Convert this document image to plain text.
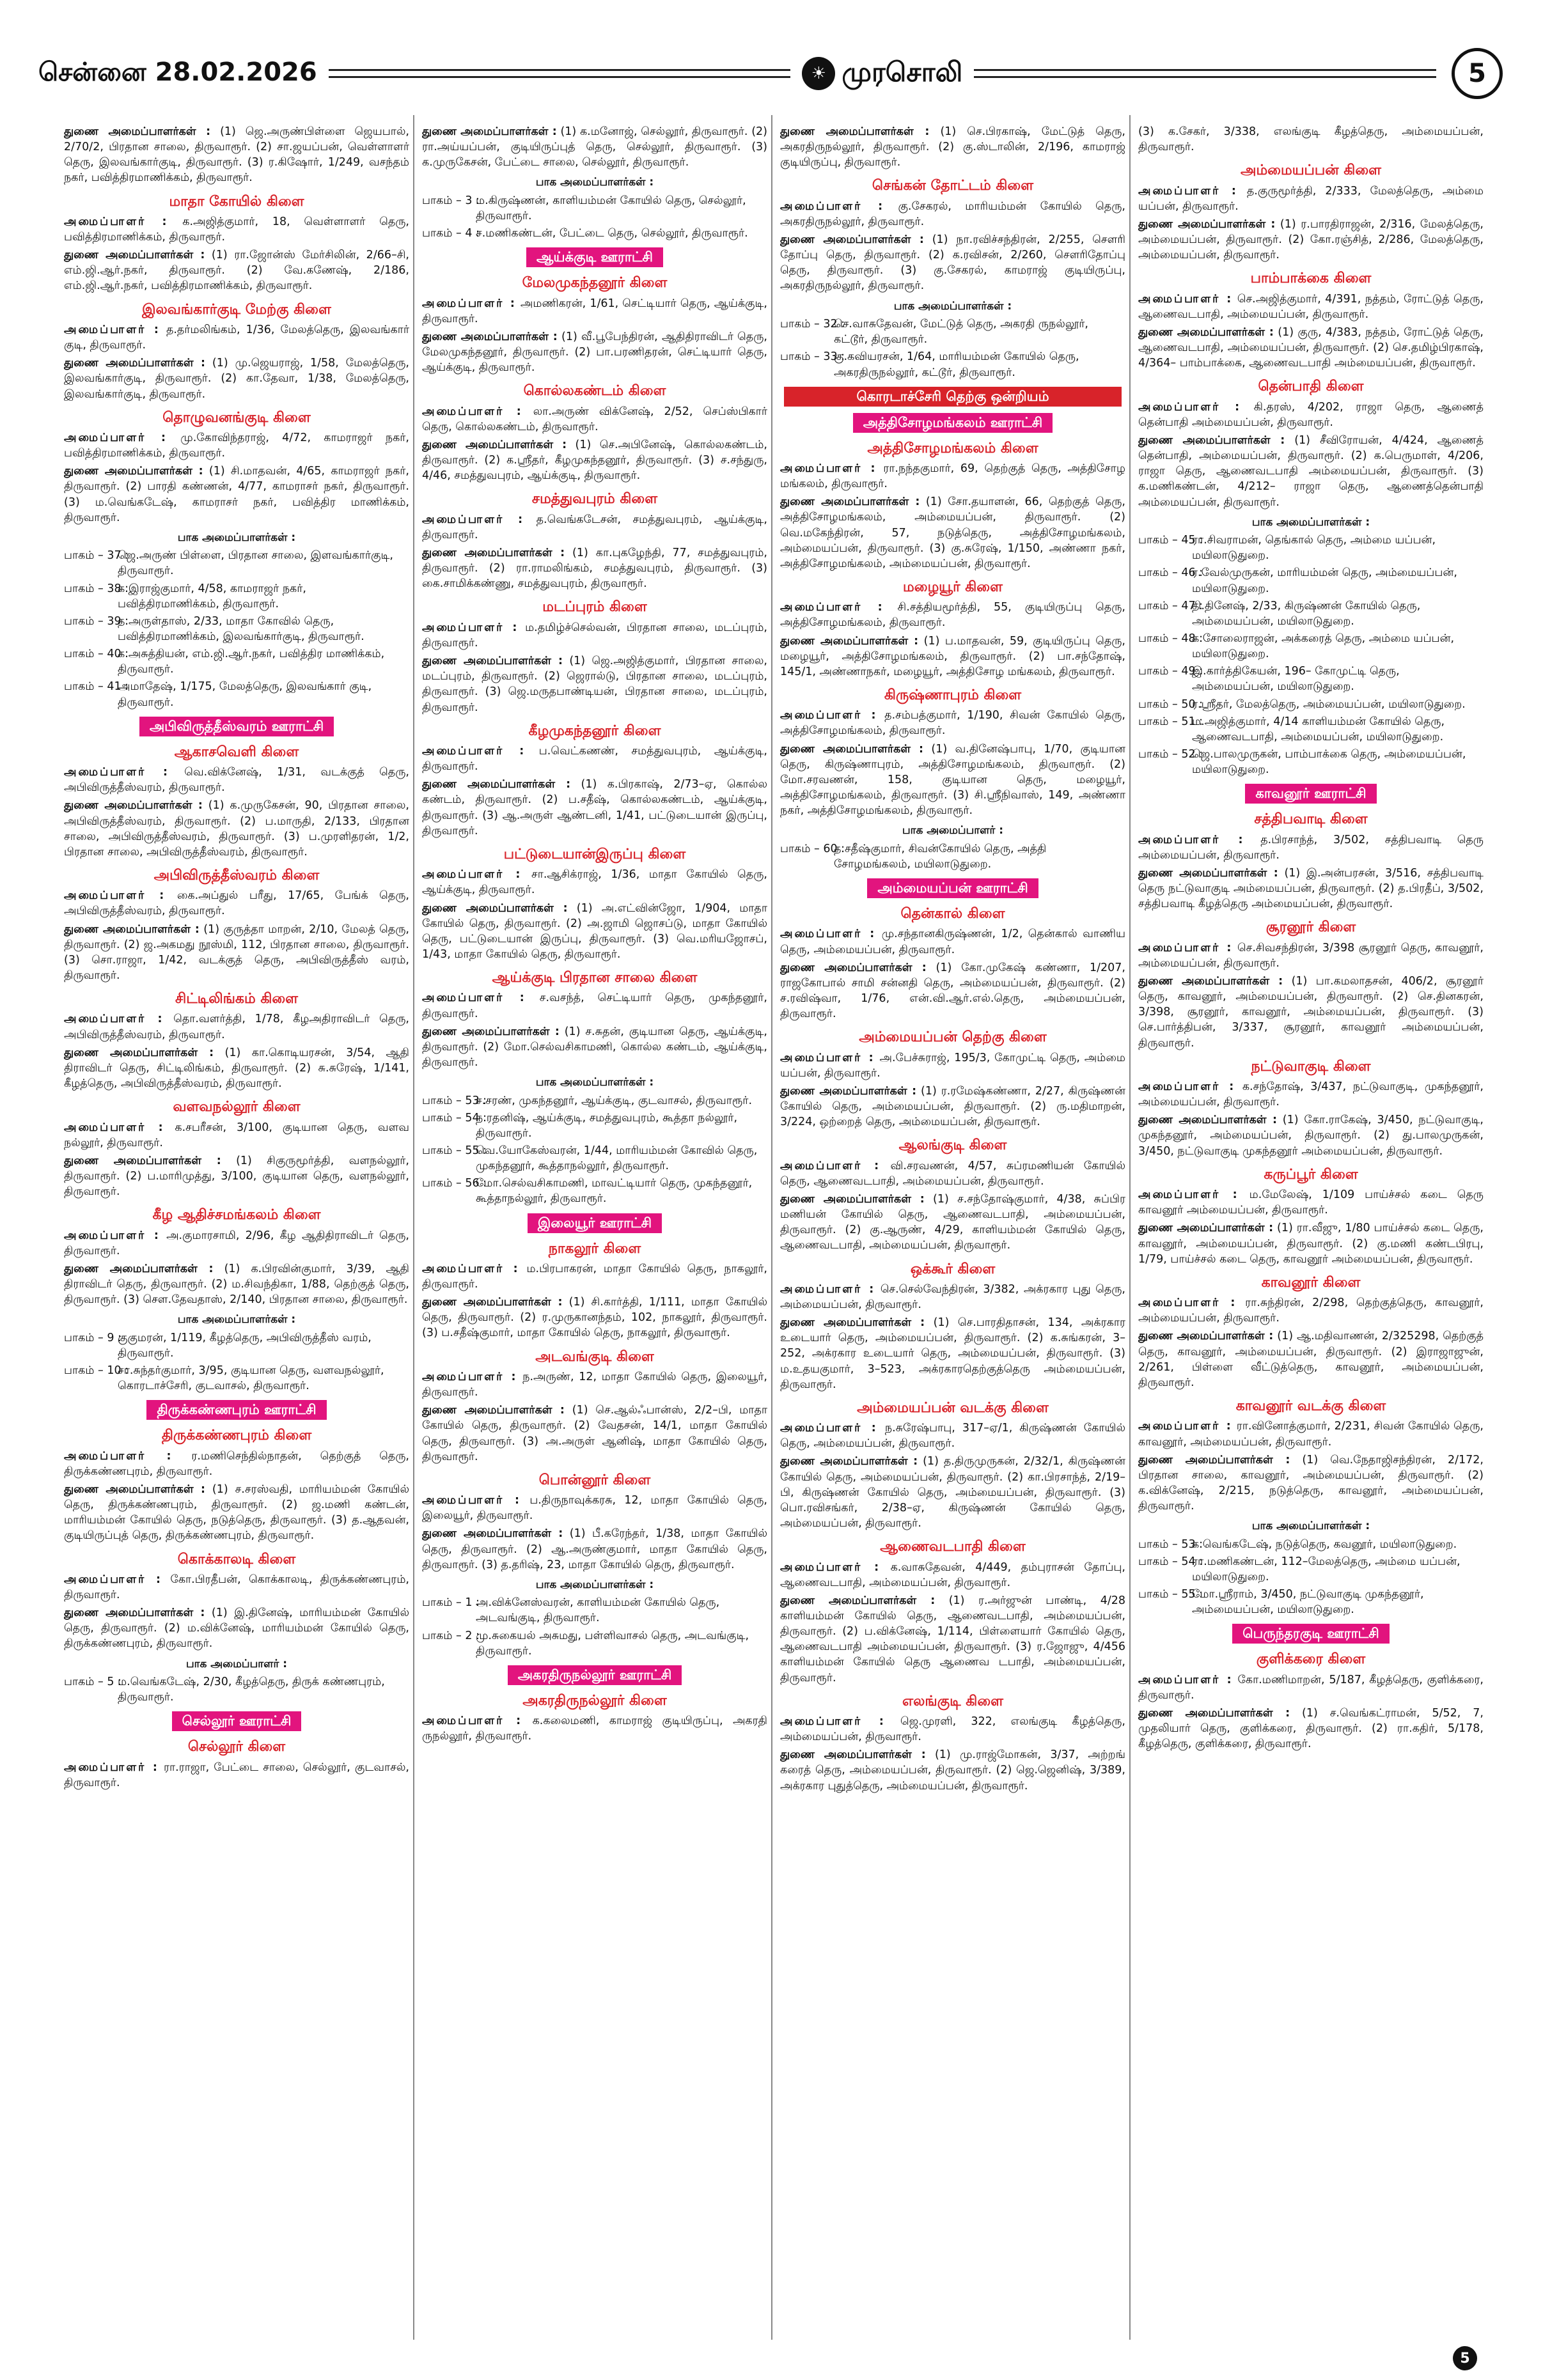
சென்னை 28.02.2026	☀ முரசொலி	5
துணை அமைப்பாளர்கள் : (1) ஜெ.அருண்பிள்ளை ஜெயபால், 2/70/2, பிரதான சாலை, திருவாரூர். (2) சா.ஜயப்பன், வெள்ளாளர் தெரு, இலவங்கார்குடி, திருவாரூர். (3) ர.கிஷோர், 1/249, வசந்தம் நகர், பவித்திரமாணிக்கம், திருவாரூர்.
மாதா கோயில் கிளை
அமைப்பாளர் : க.அஜித்குமார், 18, வெள்ளாளர் தெரு, பவித்திரமாணிக்கம், திருவாரூர்.
துணை அமைப்பாளர்கள் : (1) ரா.ஜோன்ஸ் மேர்சிலின், 2/66–சி, எம்.ஜி.ஆர்.நகர், திருவாரூர். (2) வே.கணேஷ், 2/186, எம்.ஜி.ஆர்.நகர், பவித்திரமாணிக்கம், திருவாரூர்.
இலவங்கார்குடி மேற்கு கிளை
அமைப்பாளர் : த.தர்மலிங்கம், 1/36, மேலத்தெரு, இலவங்கார் குடி, திருவாரூர்.
துணை அமைப்பாளர்கள் : (1) மு.ஜெயராஜ், 1/58, மேலத்தெரு, இலவங்கார்குடி, திருவாரூர். (2) கா.தேவா, 1/38, மேலத்தெரு, இலவங்கார்குடி, திருவாரூர்.
தொழுவனங்குடி கிளை
அமைப்பாளர் : மு.கோவிந்தராஜ், 4/72, காமராஜர் நகர், பவித்திரமாணிக்கம், திருவாரூர்.
துணை அமைப்பாளர்கள் : (1) சி.மாதவன், 4/65, காமராஜர் நகர், திருவாரூர். (2) பாரதி கண்ணன், 4/77, காமராசர் நகர், திருவாரூர். (3) ம.வெங்கடேஷ், காமராசர் நகர், பவித்திர மாணிக்கம், திருவாரூர்.
பாக அமைப்பாளர்கள் :
பாகம் – 37 :
ஜெ.அருண் பிள்ளை, பிரதான சாலை, இளவங்கார்குடி, திருவாரூர்.
பாகம் – 38 :
க.இராஜ்குமார், 4/58, காமராஜர் நகர், பவித்திரமாணிக்கம், திருவாரூர்.
பாகம் – 39 :
த.அருள்தாஸ், 2/33, மாதா கோவில் தெரு, பவித்திரமாணிக்கம், இலவங்கார்குடி, திருவாரூர்.
பாகம் – 40 :
க.அசுத்தியன், எம்.ஜி.ஆர்.நகர், பவித்திர மாணிக்கம், திருவாரூர்.
பாகம் – 41 :
அமாதேஷ், 1/175, மேலத்தெரு, இலவங்கார் குடி, திருவாரூர்.
அபிவிருத்தீஸ்வரம் ஊராட்சி
ஆகாசவெளி கிளை
அமைப்பாளர் : வெ.விக்னேஷ், 1/31, வடக்குத் தெரு, அபிவிருத்தீஸ்வரம், திருவாரூர்.
துணை அமைப்பாளர்கள் : (1) க.முருகேசன், 90, பிரதான சாலை, அபிவிருத்தீஸ்வரம், திருவாரூர். (2) ப.மாருதி, 2/133, பிரதான சாலை, அபிவிருத்தீஸ்வரம், திருவாரூர். (3) ப.முரளிதரன், 1/2, பிரதான சாலை, அபிவிருத்தீஸ்வரம், திருவாரூர்.
அபிவிருத்தீஸ்வரம் கிளை
அமைப்பாளர் : கை.அப்துல் பரீது, 17/65, பேங்க் தெரு, அபிவிருத்தீஸ்வரம், திருவாரூர்.
துணை அமைப்பாளர்கள் : (1) குருத்தா மாறன், 2/10, மேலத் தெரு, திருவாரூர். (2) ஜ.அகமது நூஸ்மி, 112, பிரதான சாலை, திருவாரூர். (3) சொ.ராஜா, 1/42, வடக்குத் தெரு, அபிவிருத்தீஸ் வரம், திருவாரூர்.
சிட்டிலிங்கம் கிளை
அமைப்பாளர் : தொ.வளர்த்தி, 1/78, கீழஅதிராவிடர் தெரு, அபிவிருத்தீஸ்வரம், திருவாரூர்.
துணை அமைப்பாளர்கள் : (1) கா.கொடியரசன், 3/54, ஆதி திராவிடர் தெரு, சிட்டிலிங்கம், திருவாரூர். (2) சு.சுரேஷ், 1/141, கீழத்தெரு, அபிவிருத்தீஸ்வரம், திருவாரூர்.
வளவநல்லூர் கிளை
அமைப்பாளர் : க.சபரீசன், 3/100, குடியான தெரு, வளவ நல்லூர், திருவாரூர்.
துணை அமைப்பாளர்கள் : (1) சிகுருமூர்த்தி, வளநல்லூர், திருவாரூர். (2) ப.மாரிமுத்து, 3/100, குடியான தெரு, வளநல்லூர், திருவாரூர்.
கீழ ஆதிச்சமங்கலம் கிளை
அமைப்பாளர் : அ.குமாரசாமி, 2/96, கீழ ஆதிதிராவிடர் தெரு, திருவாரூர்.
துணை அமைப்பாளர்கள் : (1) க.பிரவின்குமார், 3/39, ஆதி திராவிடர் தெரு, திருவாரூர். (2) ம.சிவந்திகா, 1/88, தெற்குத் தெரு, திருவாரூர். (3) சௌ.தேவதாஸ், 2/140, பிரதான சாலை, திருவாரூர்.
பாக அமைப்பாளர்கள் :
பாகம் – 9 :
குகுமரன், 1/119, கீழத்தெரு, அபிவிருத்தீஸ் வரம், திருவாரூர்.
பாகம் – 10 :
சா.சுந்தர்குமார், 3/95, குடியான தெரு, வளவநல்லூர், கொரடாச்சேரி, குடவாசல், திருவாரூர்.
திருக்கண்ணபுரம் ஊராட்சி
திருக்கண்ணபுரம் கிளை
அமைப்பாளர் : ர.மணிசெந்தில்நாதன், தெற்குத் தெரு, திருக்கண்ணபுரம், திருவாரூர்.
துணை அமைப்பாளர்கள் : (1) ச.சரஸ்வதி, மாரியம்மன் கோயில் தெரு, திருக்கண்ணபுரம், திருவாரூர். (2) ஜ.மணி கண்டன், மாரியம்மன் கோயில் தெரு, நடுத்தெரு, திருவாரூர். (3) த.ஆதவன், குடியிருப்புத் தெரு, திருக்கண்ணபுரம், திருவாரூர்.
கொக்காலடி கிளை
அமைப்பாளர் : கோ.பிரதீபன், கொக்காலடி, திருக்கண்ணபுரம், திருவாரூர்.
துணை அமைப்பாளர்கள் : (1) இ.தினேஷ், மாரியம்மன் கோயில் தெரு, திருவாரூர். (2) ம.விக்னேஷ், மாரியம்மன் கோயில் தெரு, திருக்கண்ணபுரம், திருவாரூர்.
பாக அமைப்பாளர் :
பாகம் – 5 :
ம.வெங்கடேஷ், 2/30, கீழத்தெரு, திருக் கண்ணபுரம், திருவாரூர்.
செல்லூர் ஊராட்சி
செல்லூர் கிளை
அமைப்பாளர் : ரா.ராஜா, பேட்டை சாலை, செல்லூர், குடவாசல், திருவாரூர்.
துணை அமைப்பாளர்கள் : (1) க.மனோஜ், செல்லூர், திருவாரூர். (2) ரா.அய்யப்பன், குடியிருப்புத் தெரு, செல்லூர், திருவாரூர். (3) க.முருகேசன், பேட்டை சாலை, செல்லூர், திருவாரூர்.
பாக அமைப்பாளர்கள் :
பாகம் – 3 :
ம.கிருஷ்ணன், காளியம்மன் கோயில் தெரு, செல்லூர், திருவாரூர்.
பாகம் – 4 :
ச.மணிகண்டன், பேட்டை தெரு, செல்லூர், திருவாரூர்.
ஆய்க்குடி ஊராட்சி
மேலமுகந்தனூர் கிளை
அமைப்பாளர் : அமணிகரன், 1/61, செட்டியார் தெரு, ஆய்க்குடி, திருவாரூர்.
துணை அமைப்பாளர்கள் : (1) வீ.பூபேந்திரன், ஆதிதிராவிடர் தெரு, மேலமுகந்தனூர், திருவாரூர். (2) பா.பரணிதரன், செட்டியார் தெரு, ஆய்க்குடி, திருவாரூர்.
கொல்லகண்டம் கிளை
அமைப்பாளர் : லா.அருண் விக்னேஷ், 2/52, செப்ஸ்பிகார் தெரு, கொல்லகண்டம், திருவாரூர்.
துணை அமைப்பாளர்கள் : (1) செ.அபினேஷ், கொல்லகண்டம், திருவாரூர். (2) க.ஸ்ரீதர், கீழமுகந்தனூர், திருவாரூர். (3) ச.சந்துரு, 4/46, சமத்துவபுரம், ஆய்க்குடி, திருவாரூர்.
சமத்துவபுரம் கிளை
அமைப்பாளர் : த.வெங்கடேசன், சமத்துவபுரம், ஆய்க்குடி, திருவாரூர்.
துணை அமைப்பாளர்கள் : (1) கா.புகழேந்தி, 77, சமத்துவபுரம், திருவாரூர். (2) ரா.ராமலிங்கம், சமத்துவபுரம், திருவாரூர். (3) கை.சாமிக்கண்ணு, சமத்துவபுரம், திருவாரூர்.
மடப்புரம் கிளை
அமைப்பாளர் : ம.தமிழ்ச்செல்வன், பிரதான சாலை, மடப்புரம், திருவாரூர்.
துணை அமைப்பாளர்கள் : (1) ஜெ.அஜித்குமார், பிரதான சாலை, மடப்புரம், திருவாரூர். (2) ஜெரால்டு, பிரதான சாலை, மடப்புரம், திருவாரூர். (3) ஜெ.மருதபாண்டியன், பிரதான சாலை, மடப்புரம், திருவாரூர்.
கீழமுகந்தனூர் கிளை
அமைப்பாளர் : ப.வெட்கணண், சமத்துவபுரம், ஆய்க்குடி, திருவாரூர்.
துணை அமைப்பாளர்கள் : (1) க.பிரகாஷ், 2/73–ஏ, கொல்ல கண்டம், திருவாரூர். (2) ப.சதீஷ், கொல்லகண்டம், ஆய்க்குடி, திருவாரூர். (3) ஆ.அருள் ஆண்டனி, 1/41, பட்டுடையான் இருப்பு, திருவாரூர்.
பட்டுடையான்இருப்பு கிளை
அமைப்பாளர் : சா.ஆசிக்ராஜ், 1/36, மாதா கோயில் தெரு, ஆய்க்குடி, திருவாரூர்.
துணை அமைப்பாளர்கள் : (1) அ.எட்வின்ஜோ, 1/904, மாதா கோயில் தெரு, திருவாரூர். (2) அ.ஜாமி ஜொசப்டு, மாதா கோயில் தெரு, பட்டுடையான் இருப்பு, திருவாரூர். (3) வெ.மரியஜோசப், 1/43, மாதா கோயில் தெரு, திருவாரூர்.
ஆய்க்குடி பிரதான சாலை கிளை
அமைப்பாளர் : ச.வசந்த், செட்டியார் தெரு, முகந்தனூர், திருவாரூர்.
துணை அமைப்பாளர்கள் : (1) ச.சுதன், குடியான தெரு, ஆய்க்குடி, திருவாரூர். (2) மோ.செல்வசிகாமணி, கொல்ல கண்டம், ஆய்க்குடி, திருவாரூர்.
பாக அமைப்பாளர்கள் :
பாகம் – 53 :
ச.சரண், முகந்தனூர், ஆய்க்குடி, குடவாசல், திருவாரூர்.
பாகம் – 54 :
ந.ரதனிஷ், ஆய்க்குடி, சமத்துவபுரம், கூத்தா நல்லூர், திருவாரூர்.
பாகம் – 55 :
வெ.யோகேஸ்வரன், 1/44, மாரியம்மன் கோவில் தெரு, முகந்தனூர், கூத்தாநல்லூர், திருவாரூர்.
பாகம் – 56 :
மோ.செல்வசிகாமணி, மாவட்டியார் தெரு, முகந்தனூர், கூத்தாநல்லூர், திருவாரூர்.
இலையூர் ஊராட்சி
நாகலூர் கிளை
அமைப்பாளர் : ம.பிரபாகரன், மாதா கோயில் தெரு, நாகலூர், திருவாரூர்.
துணை அமைப்பாளர்கள் : (1) சி.கார்த்தி, 1/111, மாதா கோயில் தெரு, திருவாரூர். (2) ர.முருகானந்தம், 102, நாகலூர், திருவாரூர். (3) ப.சதீஷ்குமார், மாதா கோயில் தெரு, நாகலூர், திருவாரூர்.
அடவங்குடி கிளை
அமைப்பாளர் : ந.அருண், 12, மாதா கோயில் தெரு, இலையூர், திருவாரூர்.
துணை அமைப்பாளர்கள் : (1) செ.ஆல்ஃபான்ஸ், 2/2–பி, மாதா கோயில் தெரு, திருவாரூர். (2) வேதசன், 14/1, மாதா கோயில் தெரு, திருவாரூர். (3) அ.அருள் ஆனிஷ், மாதா கோயில் தெரு, திருவாரூர்.
பொன்னூர் கிளை
அமைப்பாளர் : ப.திருநாவுக்கரசு, 12, மாதா கோயில் தெரு, இலையூர், திருவாரூர்.
துணை அமைப்பாளர்கள் : (1) பீ.கரேந்தர், 1/38, மாதா கோயில் தெரு, திருவாரூர். (2) ஆ.அருண்குமார், மாதா கோயில் தெரு, திருவாரூர். (3) த.தரிஷ், 23, மாதா கோயில் தெரு, திருவாரூர்.
பாக அமைப்பாளர்கள் :
பாகம் – 1 :
அ.விக்னேஸ்வரன், காளியம்மன் கோயில் தெரு, அடவங்குடி, திருவாரூர்.
பாகம் – 2 :
மு.சுகையல் அசுமது, பள்ளிவாசல் தெரு, அடவங்குடி, திருவாரூர்.
அகரதிருநல்லூர் ஊராட்சி
அகரதிருநல்லூர் கிளை
அமைப்பாளர் : க.கலைமணி, காமராஜ் குடியிருப்பு, அகரதி ருநல்லூர், திருவாரூர்.
துணை அமைப்பாளர்கள் : (1) செ.பிரகாஷ், மேட்டுத் தெரு, அகரதிருநல்லூர், திருவாரூர். (2) கு.ஸ்டாலின், 2/196, காமராஜ் குடியிருப்பு, திருவாரூர்.
செங்கன் தோட்டம் கிளை
அமைப்பாளர் : கு.சேகரல், மாரியம்மன் கோயில் தெரு, அகரதிருநல்லூர், திருவாரூர்.
துணை அமைப்பாளர்கள் : (1) நா.ரவிச்சந்திரன், 2/255, சௌரி தோப்பு தெரு, திருவாரூர். (2) க.ரவிசன், 2/260, சௌரிதோப்பு தெரு, திருவாரூர். (3) கு.சேகரல், காமராஜ் குடியிருப்பு, அகரதிருநல்லூர், திருவாரூர்.
பாக அமைப்பாளர்கள் :
பாகம் – 32 :
செ.வாசுதேவன், மேட்டுத் தெரு, அகரதி ருநல்லூர், கட்டூர், திருவாரூர்.
பாகம் – 33 :
கு.கவியரசன், 1/64, மாரியம்மன் கோயில் தெரு, அகரதிருநல்லூர், கட்டூர், திருவாரூர்.
கொரடாச்சேரி தெற்கு ஒன்றியம்
அத்திசோழமங்கலம் ஊராட்சி
அத்திசோழமங்கலம் கிளை
அமைப்பாளர் : ரா.நந்தகுமார், 69, தெற்குத் தெரு, அத்திசோழ மங்கலம், திருவாரூர்.
துணை அமைப்பாளர்கள் : (1) சோ.தயாளன், 66, தெற்குத் தெரு, அத்திசோழமங்கலம், அம்மையப்பன், திருவாரூர். (2) வெ.மகேந்திரன், 57, நடுத்தெரு, அத்திசோழமங்கலம், அம்மையப்பன், திருவாரூர். (3) கு.சுரேஷ், 1/150, அண்ணா நகர், அத்திசோழமங்கலம், அம்மையப்பன், திருவாரூர்.
மழையூர் கிளை
அமைப்பாளர் : சி.சத்தியமூர்த்தி, 55, குடியிருப்பு தெரு, அத்திசோழமங்கலம், திருவாரூர்.
துணை அமைப்பாளர்கள் : (1) ப.மாதவன், 59, குடியிருப்பு தெரு, மழையூர், அத்திசோழமங்கலம், திருவாரூர். (2) பா.சந்தோஷ், 145/1, அண்ணாநகர், மழையூர், அத்திசோழ மங்கலம், திருவாரூர்.
கிருஷ்ணாபுரம் கிளை
அமைப்பாளர் : த.சம்பத்குமார், 1/190, சிவன் கோயில் தெரு, அத்திசோழமங்கலம், திருவாரூர்.
துணை அமைப்பாளர்கள் : (1) வ.தினேஷ்பாபு, 1/70, குடியான தெரு, கிருஷ்ணாபுரம், அத்திசோழமங்கலம், திருவாரூர். (2) மோ.சரவணன், 158, குடியான தெரு, மழையூர், அத்திசோழமங்கலம், திருவாரூர். (3) சி.ஸ்ரீநிவாஸ், 149, அண்ணா நகர், அத்திசோழமங்கலம், திருவாரூர்.
பாக அமைப்பாளர் :
பாகம் – 60 :
த.சதீஷ்குமார், சிவன்கோயில் தெரு, அத்தி சோழமங்கலம், மயிலாடுதுறை.
அம்மையப்பன் ஊராட்சி
தென்கால் கிளை
அமைப்பாளர் : மு.சந்தானகிருஷ்ணன், 1/2, தென்கால் வாணிய தெரு, அம்மையப்பன், திருவாரூர்.
துணை அமைப்பாளர்கள் : (1) கோ.முகேஷ் கண்ணா, 1/207, ராஜகோபால் சாமி சன்னதி தெரு, அம்மையப்பன், திருவாரூர். (2) ச.ரவிஷ்வா, 1/76, என்.வி.ஆர்.எல்.தெரு, அம்மையப்பன், திருவாரூர்.
அம்மையப்பன் தெற்கு கிளை
அமைப்பாளர் : அ.பேச்சுராஜ், 195/3, கோமுட்டி தெரு, அம்மை யப்பன், திருவாரூர்.
துணை அமைப்பாளர்கள் : (1) ர.ரமேஷ்கண்ணா, 2/27, கிருஷ்ணன் கோயில் தெரு, அம்மையப்பன், திருவாரூர். (2) ரு.மதிமாறன், 3/224, ஒற்றைத் தெரு, அம்மையப்பன், திருவாரூர்.
ஆலங்குடி கிளை
அமைப்பாளர் : வி.சரவணன், 4/57, சுப்ரமணியன் கோயில் தெரு, ஆணைவடபாதி, அம்மையப்பன், திருவாரூர்.
துணை அமைப்பாளர்கள் : (1) ச.சந்தோஷ்குமார், 4/38, சுப்பிர மணியன் கோயில் தெரு, ஆணைவடபாதி, அம்மையப்பன், திருவாரூர். (2) கு.ஆருண், 4/29, காளியம்மன் கோயில் தெரு, ஆணைவடபாதி, அம்மையப்பன், திருவாரூர்.
ஒக்கூர் கிளை
அமைப்பாளர் : செ.செல்வேந்திரன், 3/382, அக்ரகார புது தெரு, அம்மையப்பன், திருவாரூர்.
துணை அமைப்பாளர்கள் : (1) செ.பாரதிதாசன், 134, அக்ரகார உடையார் தெரு, அம்மையப்பன், திருவாரூர். (2) க.சுங்கரன், 3–252, அக்ரகார உடையார் தெரு, அம்மையப்பன், திருவாரூர். (3) ம.உதயகுமார், 3–523, அக்ரகாரதெற்குத்தெரு அம்மையப்பன், திருவாரூர்.
அம்மையப்பன் வடக்கு கிளை
அமைப்பாளர் : ந.சுரேஷ்பாபு, 317–ஏ/1, கிருஷ்ணன் கோயில் தெரு, அம்மையப்பன், திருவாரூர்.
துணை அமைப்பாளர்கள் : (1) த.திருமுருகன், 2/32/1, கிருஷ்ணன் கோயில் தெரு, அம்மையப்பன், திருவாரூர். (2) கா.பிரசாந்த், 2/19–பி, கிருஷ்ணன் கோயில் தெரு, அம்மையப்பன், திருவாரூர். (3) பொ.ரவிசங்கர், 2/38–ஏ, கிருஷ்ணன் கோயில் தெரு, அம்மையப்பன், திருவாரூர்.
ஆணைவடபாதி கிளை
அமைப்பாளர் : க.வாசுதேவன், 4/449, தம்புராசன் தோப்பு, ஆணைவடபாதி, அம்மையப்பன், திருவாரூர்.
துணை அமைப்பாளர்கள் : (1) ர.அர்ஜுன் பாண்டி, 4/28 காளியம்மன் கோயில் தெரு, ஆணைவடபாதி, அம்மையப்பன், திருவாரூர். (2) ப.விக்னேஷ், 1/114, பிள்ளையார் கோயில் தெரு, ஆணைவடபாதி அம்மையப்பன், திருவாரூர். (3) ர.ஜோஜு, 4/456 காளியம்மன் கோயில் தெரு ஆணைவ டபாதி, அம்மையப்பன், திருவாரூர்.
எலங்குடி கிளை
அமைப்பாளர் : ஜெ.முரளி, 322, எலங்குடி கீழத்தெரு, அம்மையப்பன், திருவாரூர்.
துணை அமைப்பாளர்கள் : (1) மு.ராஜ்மோகன், 3/37, அற்றங் கரைத் தெரு, அம்மையப்பன், திருவாரூர். (2) ஜெ.ஜெனிஷ், 3/389, அக்ரகார புதுத்தெரு, அம்மையப்பன், திருவாரூர்.
(3) க.சேகர், 3/338, எலங்குடி கீழத்தெரு, அம்மையப்பன், திருவாரூர்.
அம்மையப்பன் கிளை
அமைப்பாளர் : த.குருமூர்த்தி, 2/333, மேலத்தெரு, அம்மை யப்பன், திருவாரூர்.
துணை அமைப்பாளர்கள் : (1) ர.பாரதிராஜன், 2/316, மேலத்தெரு, அம்மையப்பன், திருவாரூர். (2) கோ.ரஞ்சித், 2/286, மேலத்தெரு, அம்மையப்பன், திருவாரூர்.
பாம்பாக்கை கிளை
அமைப்பாளர் : செ.அஜித்குமார், 4/391, நத்தம், ரோட்டுத் தெரு, ஆணைவடபாதி, அம்மையப்பன், திருவாரூர்.
துணை அமைப்பாளர்கள் : (1) குரு, 4/383, நத்தம், ரோட்டுத் தெரு, ஆணைவடபாதி, அம்மையப்பன், திருவாரூர். (2) செ.தமிழ்பிரகாஷ், 4/364– பாம்பாக்கை, ஆணைவடபாதி அம்மையப்பன், திருவாரூர்.
தென்பாதி கிளை
அமைப்பாளர் : கி.தரஸ், 4/202, ராஜா தெரு, ஆணைத் தென்பாதி அம்மையப்பன், திருவாரூர்.
துணை அமைப்பாளர்கள் : (1) சீவிரோயன், 4/424, ஆணைத் தென்பாதி, அம்மையப்பன், திருவாரூர். (2) க.பெருமாள், 4/206, ராஜா தெரு, ஆணைவடபாதி அம்மையப்பன், திருவாரூர். (3) க.மணிகண்டன், 4/212– ராஜா தெரு, ஆணைத்தென்பாதி அம்மையப்பன், திருவாரூர்.
பாக அமைப்பாளர்கள் :
பாகம் – 45 :
ரா.சிவராமன், தெங்கால் தெரு, அம்மை யப்பன், மயிலாடுதுறை.
பாகம் – 46 :
ர.வேல்முருகன், மாரியம்மன் தெரு, அம்மையப்பன், மயிலாடுதுறை.
பாகம் – 47 :
தி.தினேஷ், 2/33, கிருஷ்ணன் கோயில் தெரு, அம்மையப்பன், மயிலாடுதுறை.
பாகம் – 48 :
க.சோலைராஜன், அக்கரைத் தெரு, அம்மை யப்பன், மயிலாடுதுறை.
பாகம் – 49 :
இ.கார்த்திகேயன், 196– கோமுட்டி தெரு, அம்மையப்பன், மயிலாடுதுறை.
பாகம் – 50 :
ர.ஸ்ரீதர், மேலத்தெரு, அம்மையப்பன், மயிலாடுதுறை.
பாகம் – 51 :
ம.அஜித்குமார், 4/14 காளியம்மன் கோயில் தெரு, ஆணைவடபாதி, அம்மையப்பன், மயிலாடுதுறை.
பாகம் – 52 :
ஜெ.பாலமுருகன், பாம்பாக்கை தெரு, அம்மையப்பன், மயிலாடுதுறை.
காவனூர் ஊராட்சி
சத்திபவாடி கிளை
அமைப்பாளர் : த.பிரசாந்த், 3/502, சத்திபவாடி தெரு அம்மையப்பன், திருவாரூர்.
துணை அமைப்பாளர்கள் : (1) இ.அன்பரசன், 3/516, சத்திபவாடி தெரு நட்டுவாகுடி அம்மையப்பன், திருவாரூர். (2) த.பிரதீப், 3/502, சத்திபவாடி கீழத்தெரு அம்மையப்பன், திருவாரூர்.
சூரனூர் கிளை
அமைப்பாளர் : செ.சிவசந்திரன், 3/398 சூரனூர் தெரு, காவனூர், அம்மையப்பன், திருவாரூர்.
துணை அமைப்பாளர்கள் : (1) பா.கமலாதசன், 406/2, சூரனூர் தெரு, காவனூர், அம்மையப்பன், திருவாரூர். (2) செ.தினகரன், 3/398, சூரனூர், காவனூர், அம்மையப்பன், திருவாரூர். (3) செ.பார்த்திபன், 3/337, சூரனூர், காவனூர் அம்மையப்பன், திருவாரூர்.
நட்டுவாகுடி கிளை
அமைப்பாளர் : க.சந்தோஷ், 3/437, நட்டுவாகுடி, முகந்தனூர், அம்மையப்பன், திருவாரூர்.
துணை அமைப்பாளர்கள் : (1) கோ.ராகேஷ், 3/450, நட்டுவாகுடி, முகந்தனூர், அம்மையப்பன், திருவாரூர். (2) து.பாலமுருகன், 3/450, நட்டுவாகுடி முகந்தனூர் அம்மையப்பன், திருவாரூர்.
கருப்பூர் கிளை
அமைப்பாளர் : ம.மேலேஷ், 1/109 பாய்ச்சல் கடை தெரு காவனூர் அம்மையப்பன், திருவாரூர்.
துணை அமைப்பாளர்கள் : (1) ரா.வீஜு, 1/80 பாய்ச்சல் கடை தெரு, காவனூர், அம்மையப்பன், திருவாரூர். (2) கு.மணி கண்டபிரபு, 1/79, பாய்ச்சல் கடை தெரு, காவனூர் அம்மையப்பன், திருவாரூர்.
காவனூர் கிளை
அமைப்பாளர் : ரா.சுந்திரன், 2/298, தெற்குத்தெரு, காவனூர், அம்மையப்பன், திருவாரூர்.
துணை அமைப்பாளர்கள் : (1) ஆ.மதிவாணன், 2/325298, தெற்குத் தெரு, காவனூர், அம்மையப்பன், திருவாரூர். (2) இராஜாஜுன், 2/261, பிள்ளை வீட்டுத்தெரு, காவனூர், அம்மையப்பன், திருவாரூர்.
காவனூர் வடக்கு கிளை
அமைப்பாளர் : ரா.வினோத்குமார், 2/231, சிவன் கோயில் தெரு, காவனூர், அம்மையப்பன், திருவாரூர்.
துணை அமைப்பாளர்கள் : (1) வெ.நேதாஜிசந்திரன், 2/172, பிரதான சாலை, காவனூர், அம்மையப்பன், திருவாரூர். (2) க.விக்னேஷ், 2/215, நடுத்தெரு, காவனூர், அம்மையப்பன், திருவாரூர்.
பாக அமைப்பாளர்கள் :
பாகம் – 53 :
க.வெங்கடேஷ், நடுத்தெரு, கவனூர், மயிலாடுதுறை.
பாகம் – 54 :
ரா.மணிகண்டன், 112–மேலத்தெரு, அம்மை யப்பன், மயிலாடுதுறை.
பாகம் – 55 :
மோ.ஸ்ரீராம், 3/450, நட்டுவாகுடி முகந்தனூர், அம்மையப்பன், மயிலாடுதுறை.
பெருந்தரகுடி ஊராட்சி
குளிக்கரை கிளை
அமைப்பாளர் : கோ.மணிமாறன், 5/187, கீழத்தெரு, குளிக்கரை, திருவாரூர்.
துணை அமைப்பாளர்கள் : (1) ச.வெங்கட்ராமன், 5/52, 7, முதலியார் தெரு, குளிக்கரை, திருவாரூர். (2) ரா.கதிர், 5/178, கீழத்தெரு, குளிக்கரை, திருவாரூர்.
5
